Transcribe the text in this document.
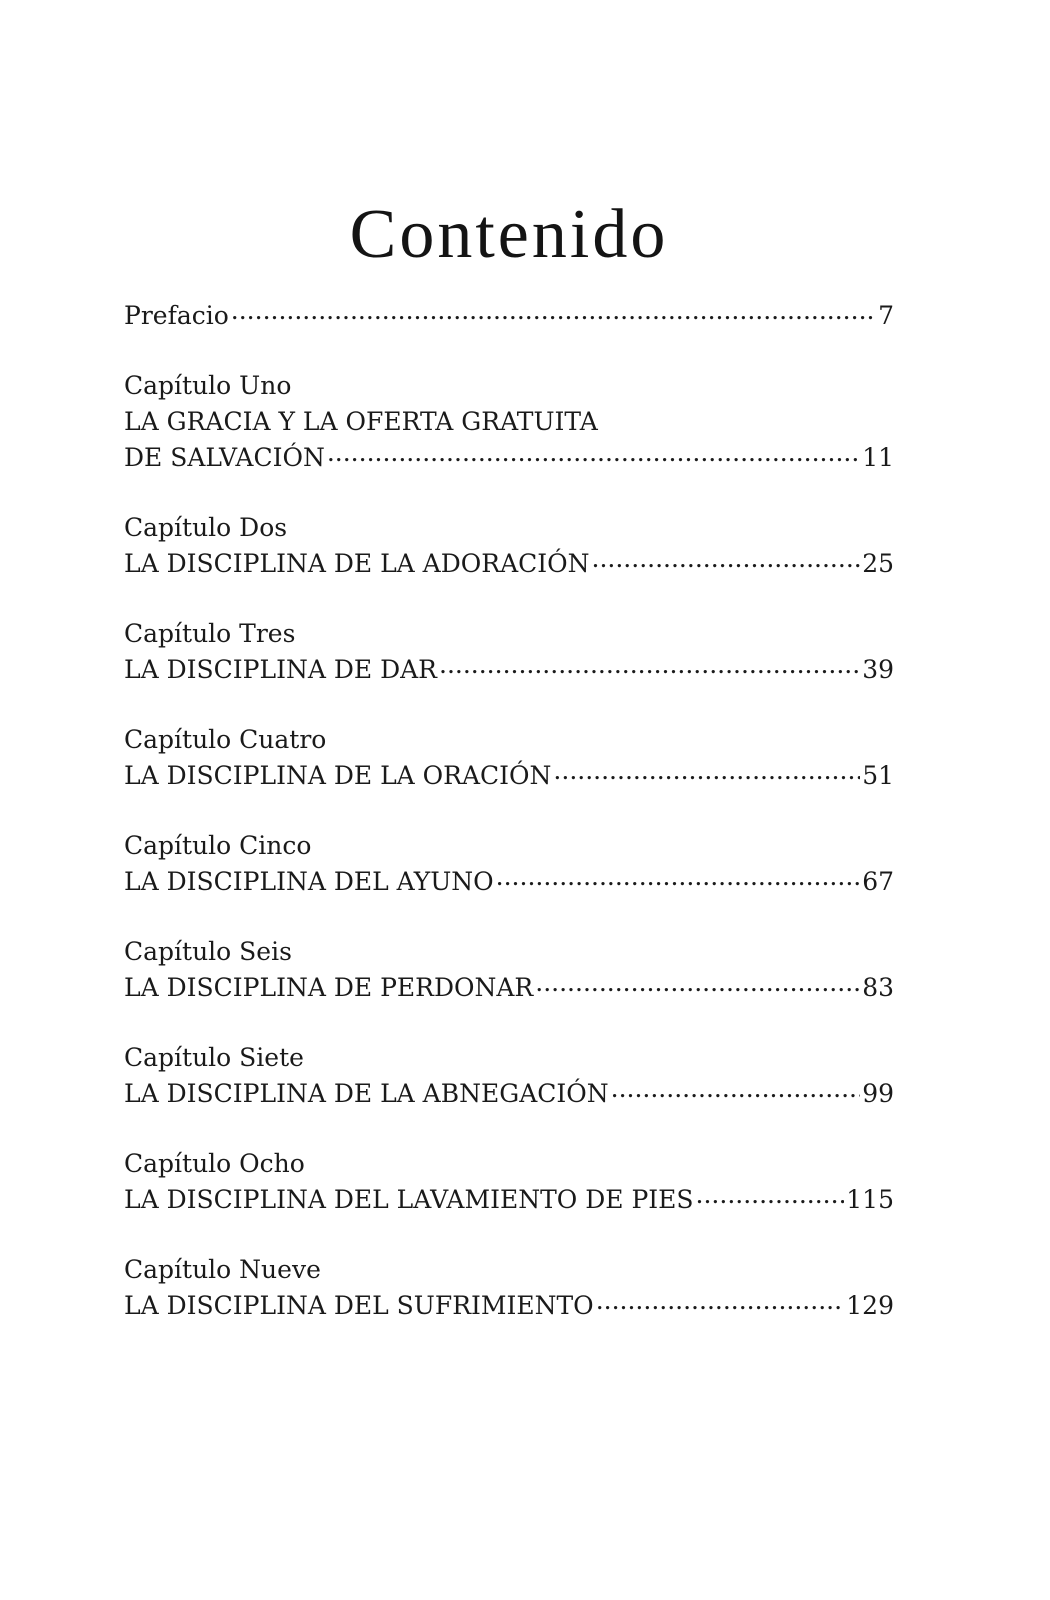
Contenido
Prefacio .....	7
Capítulo Uno
LA GRACIA Y LA OFERTA GRATUITA
DE SALVACIÓN .....	11
Capítulo Dos
LA DISCIPLINA DE LA ADORACIÓN .....	25
Capítulo Tres
LA DISCIPLINA DE DAR .....	39
Capítulo Cuatro
LA DISCIPLINA DE LA ORACIÓN .....	51
Capítulo Cinco
LA DISCIPLINA DEL AYUNO .....	67
Capítulo Seis
LA DISCIPLINA DE PERDONAR .....	83
Capítulo Siete
LA DISCIPLINA DE LA ABNEGACIÓN .....	99
Capítulo Ocho
LA DISCIPLINA DEL LAVAMIENTO DE PIES .....	115
Capítulo Nueve
LA DISCIPLINA DEL SUFRIMIENTO .....	129
